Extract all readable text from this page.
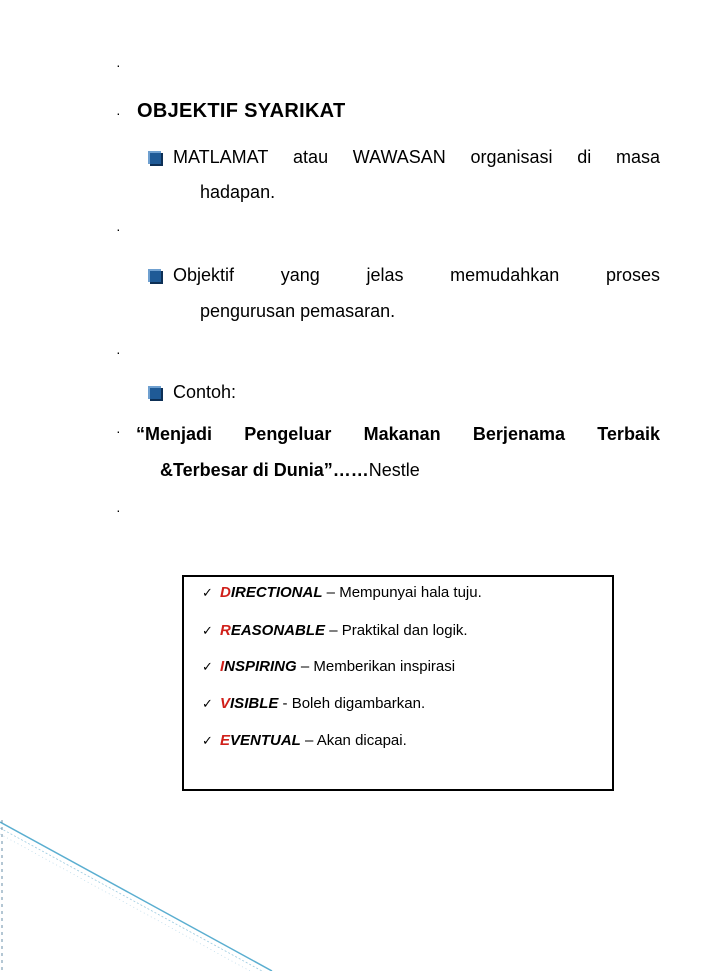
·
·
·
·
·
·
OBJEKTIF SYARIKAT
MATLAMAT atau WAWASAN organisasi di masa
hadapan.
Objektif	yang	jelas	memudahkan	proses
pengurusan pemasaran.
Contoh:
“Menjadi Pengeluar Makanan Berjenama Terbaik
&Terbesar di Dunia”……Nestle
✓ DIRECTIONAL – Mempunyai hala tuju.
✓ REASONABLE – Praktikal dan logik.
✓ INSPIRING – Memberikan inspirasi
✓ VISIBLE - Boleh digambarkan.
✓ EVENTUAL – Akan dicapai.
